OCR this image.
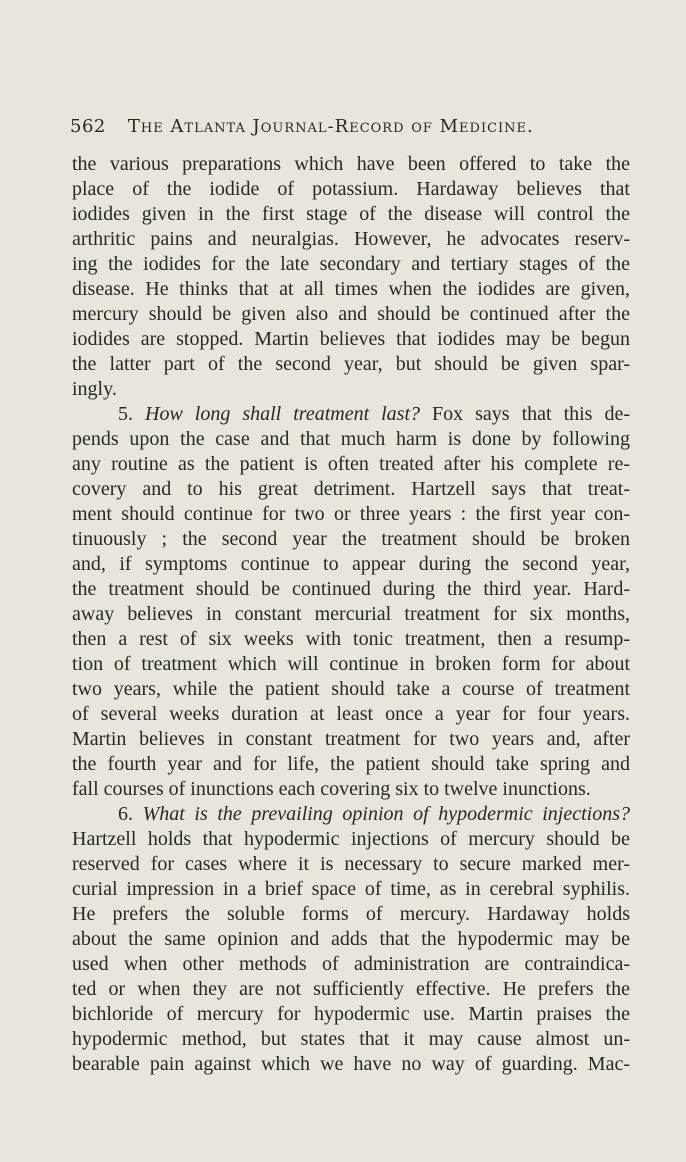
562 The Atlanta Journal-Record of Medicine.

the various preparations which have been offered to take the
place of the iodide of potassium. Hardaway believes that
iodides given in the first stage of the disease will control the
arthritic pains and neuralgias. However, he advocates reserv-
ing the iodides for the late secondary and tertiary stages of the
disease. He thinks that at all times when the iodides are given,
mercury should be given also and should be continued after the
iodides are stopped. Martin believes that iodides may be begun
the latter part of the second year, but should be given spar-
ingly.

5. How long shall treatment last? Fox says that this de-
pends upon the case and that much harm is done by following
any routine as the patient is often treated after his complete re-
covery and to his great detriment. Hartzell says that treat-
ment should continue for two or three years : the first year con-
tinuously ; the second year the treatment should be broken
and, if symptoms continue to appear during the second year,
the treatment should be continued during the third year. Hard-
away believes in constant mercurial treatment for six months,
then a rest of six weeks with tonic treatment, then a resump-
tion of treatment which will continue in broken form for about
two years, while the patient should take a course of treatment
of several weeks duration at least once a year for four years.
Martin believes in constant treatment for two years and, after
the fourth year and for life, the patient should take spring and
fall courses of inunctions each covering six to twelve inunctions.

6. What is the prevailing opinion of hypodermic injections?
Hartzell holds that hypodermic injections of mercury should be
reserved for cases where it is necessary to secure marked mer-
curial impression in a brief space of time, as in cerebral syphilis.
He prefers the soluble forms of mercury. Hardaway holds
about the same opinion and adds that the hypodermic may be
used when other methods of administration are contraindica-
ted or when they are not sufficiently effective. He prefers the
bichloride of mercury for hypodermic use. Martin praises the
hypodermic method, but states that it may cause almost un-
bearable pain against which we have no way of guarding. Mac-
